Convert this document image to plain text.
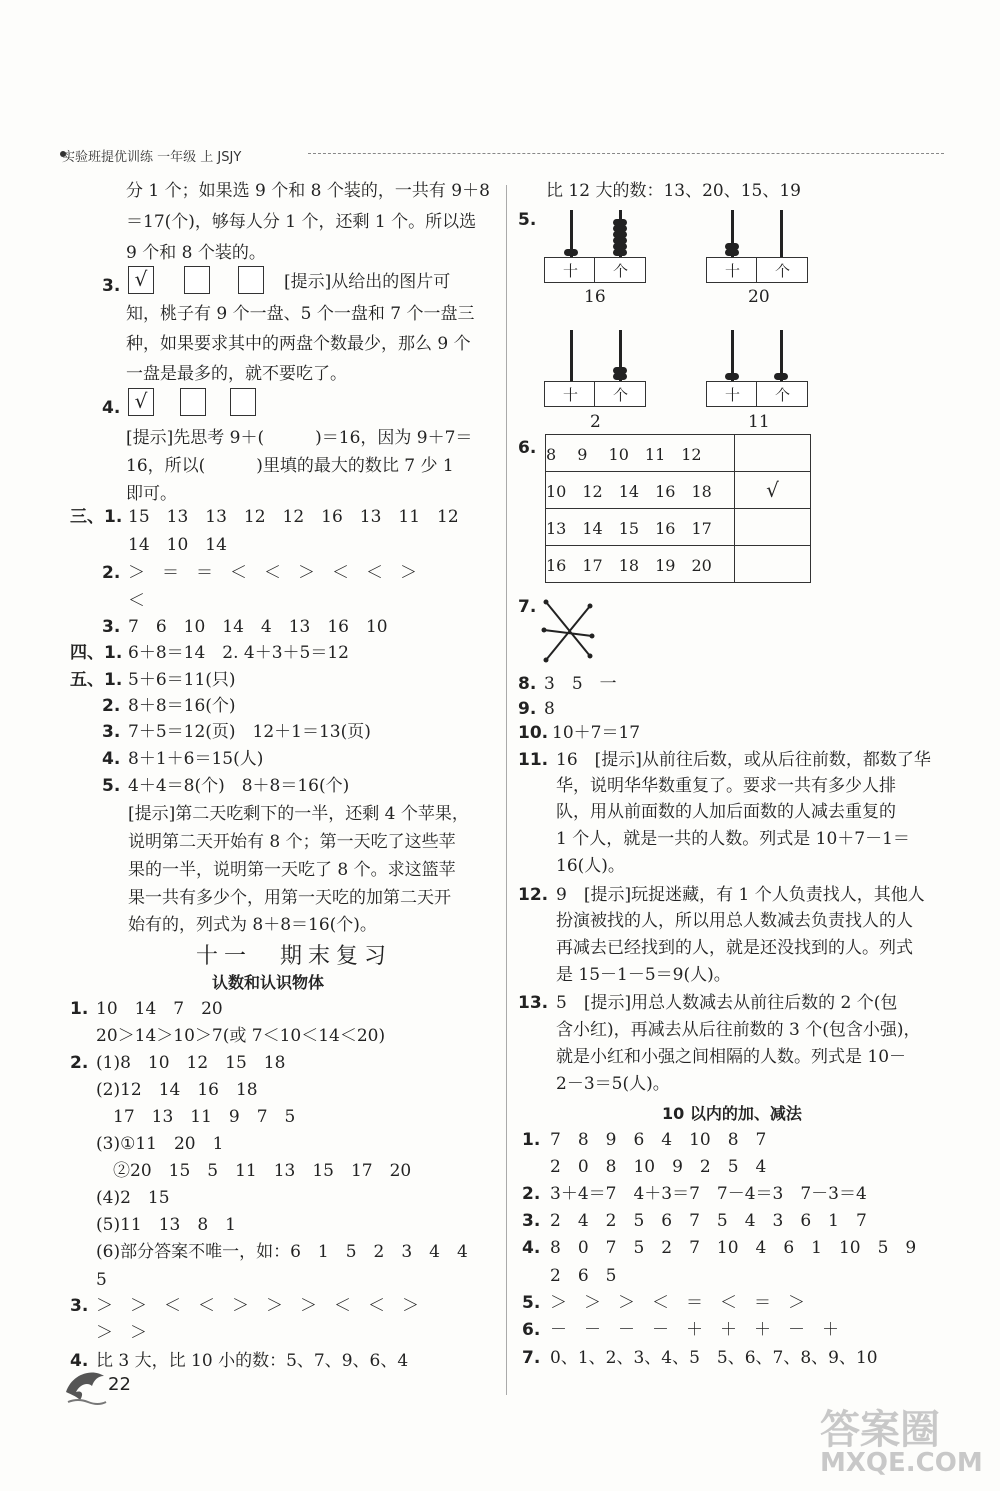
实验班提优训练 一年级 上 JSJY
分 1 个；如果选 9 个和 8 个装的，一共有 9＋8
＝17(个)，够每人分 1 个，还剩 1 个。所以选
9 个和 8 个装的。
3. √	[提示]从给出的图片可
知，桃子有 9 个一盘、5 个一盘和 7 个一盘三
种，如果要求其中的两盘个数最少，那么 9 个
一盘是最多的，就不要吃了。
4. √
[提示]先思考 9＋(　　　)＝16，因为 9＋7＝
16，所以(　　　)里填的最大的数比 7 少 1
即可。
三、1. 15　13　13　12　12　16　13　11　12
14　10　14
2. ＞　＝　＝　＜　＜　＞　＜　＜　＞
＜
3. 7　6　10　14　4　13　16　10
四、1. 6＋8＝14　2. 4＋3＋5＝12
五、1. 5＋6＝11(只)
2. 8＋8＝16(个)
3. 7＋5＝12(页)　12＋1＝13(页)
4. 8＋1＋6＝15(人)
5. 4＋4＝8(个)　8＋8＝16(个)
[提示]第二天吃剩下的一半，还剩 4 个苹果，
说明第二天开始有 8 个；第一天吃了这些苹
果的一半，说明第一天吃了 8 个。求这篮苹
果一共有多少个，用第一天吃的加第二天开
始有的，列式为 8＋8＝16(个)。
十一　期末复习
认数和认识物体
1. 10　14　7　20
20＞14＞10＞7(或 7＜10＜14＜20)
2. (1)8　10　12　15　18
(2)12　14　16　18
　17　13　11　9　7　5
(3)①11　20　1
　②20　15　5　11　13　15　17　20
(4)2　15
(5)11　13　8　1
(6)部分答案不唯一，如：6　1　5　2　3　4　4
5
3. ＞　＞　＜　＜　＞　＞　＞　＜　＜　＞
＞　＞
4. 比 3 大，比 10 小的数：5、7、9、6、4
22
比 12 大的数：13、20、15、19
5.
十 个
16
十 个
20
十 个
2
十 个
11
6. 8　 9　 10　11　12	
10　12　14　16　18	√
13　14　15　16　17	
16　17　18　19　20	
7.
8. 3　5　一
9. 8
10. 10＋7＝17
11. 16　[提示]从前往后数，或从后往前数，都数了华
华，说明华华数重复了。要求一共有多少人排
队，用从前面数的人加后面数的人减去重复的
1 个人，就是一共的人数。列式是 10＋7－1＝
16(人)。
12. 9　[提示]玩捉迷藏，有 1 个人负责找人，其他人
扮演被找的人，所以用总人数减去负责找人的人
再减去已经找到的人，就是还没找到的人。列式
是 15－1－5＝9(人)。
13. 5　[提示]用总人数减去从前往后数的 2 个(包
含小红)，再减去从后往前数的 3 个(包含小强)，
就是小红和小强之间相隔的人数。列式是 10－
2－3＝5(人)。
10 以内的加、减法
1. 7　8　9　6　4　10　8　7
2　0　8　10　9　2　5　4
2. 3＋4＝7　4＋3＝7　7－4＝3　7－3＝4
3. 2　4　2　5　6　7　5　4　3　6　1　7
4. 8　0　7　5　2　7　10　4　6　1　10　5　9
2　6　5
5. ＞　＞　＞　＜　＝　＜　＝　＞
6. －　－　－　－　＋　＋　＋　－　＋
7. 0、1、2、3、4、5　5、6、7、8、9、10
答案圈
MXQE.COM
